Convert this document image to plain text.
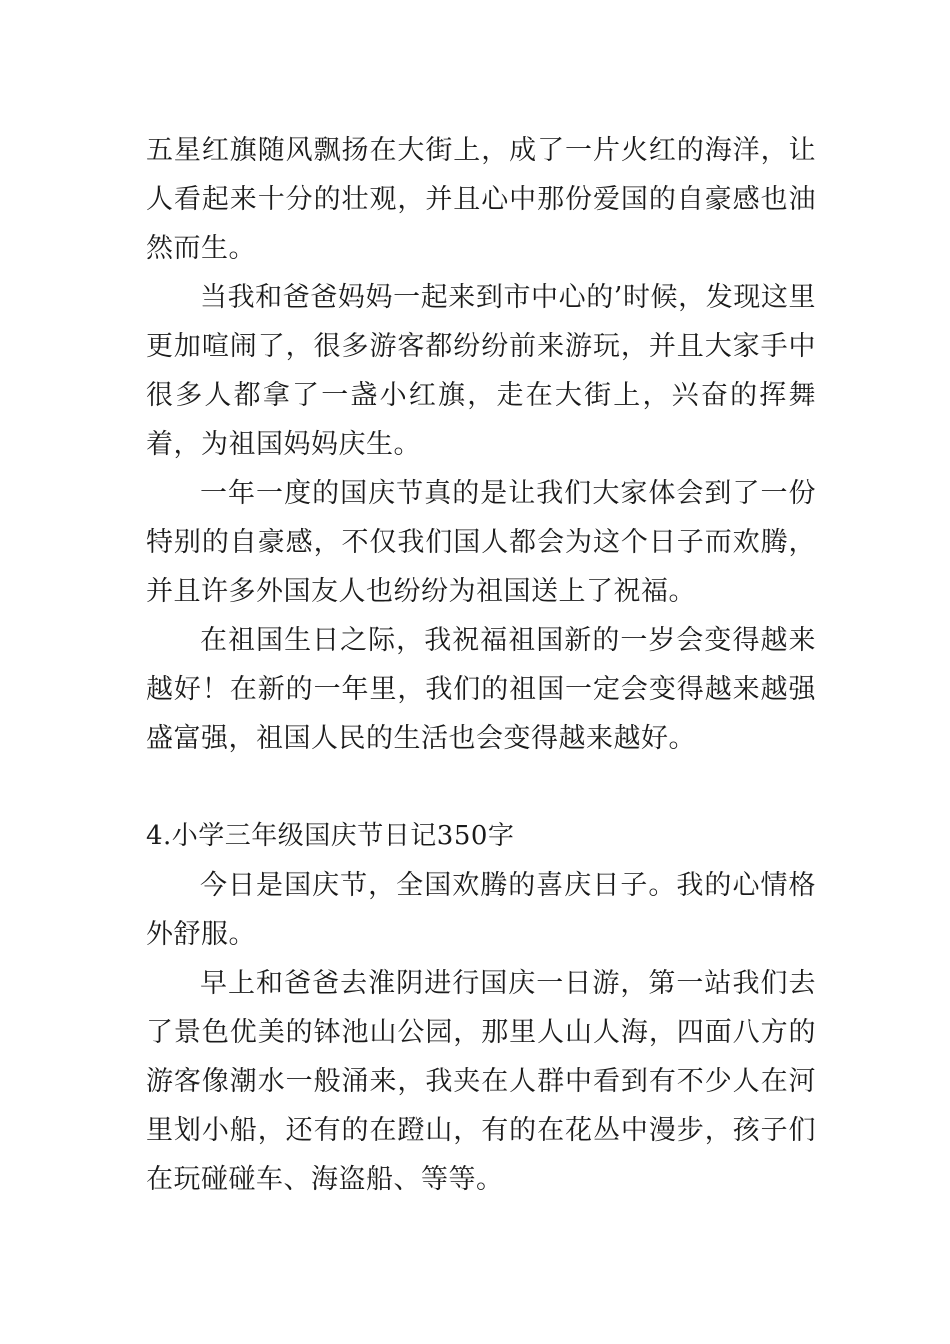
五星红旗随风飘扬在大街上，成了一片火红的海洋，让人看起来十分的壮观，并且心中那份爱国的自豪感也油然而生。

当我和爸爸妈妈一起来到市中心的’时候，发现这里更加喧闹了，很多游客都纷纷前来游玩，并且大家手中很多人都拿了一盏小红旗，走在大街上，兴奋的挥舞着，为祖国妈妈庆生。

一年一度的国庆节真的是让我们大家体会到了一份特别的自豪感，不仅我们国人都会为这个日子而欢腾，并且许多外国友人也纷纷为祖国送上了祝福。

在祖国生日之际，我祝福祖国新的一岁会变得越来越好！在新的一年里，我们的祖国一定会变得越来越强盛富强，祖国人民的生活也会变得越来越好。

4.小学三年级国庆节日记350字

今日是国庆节，全国欢腾的喜庆日子。我的心情格外舒服。

早上和爸爸去淮阴进行国庆一日游，第一站我们去了景色优美的钵池山公园，那里人山人海，四面八方的游客像潮水一般涌来，我夹在人群中看到有不少人在河里划小船，还有的在蹬山，有的在花丛中漫步，孩子们在玩碰碰车、海盗船、等等。
